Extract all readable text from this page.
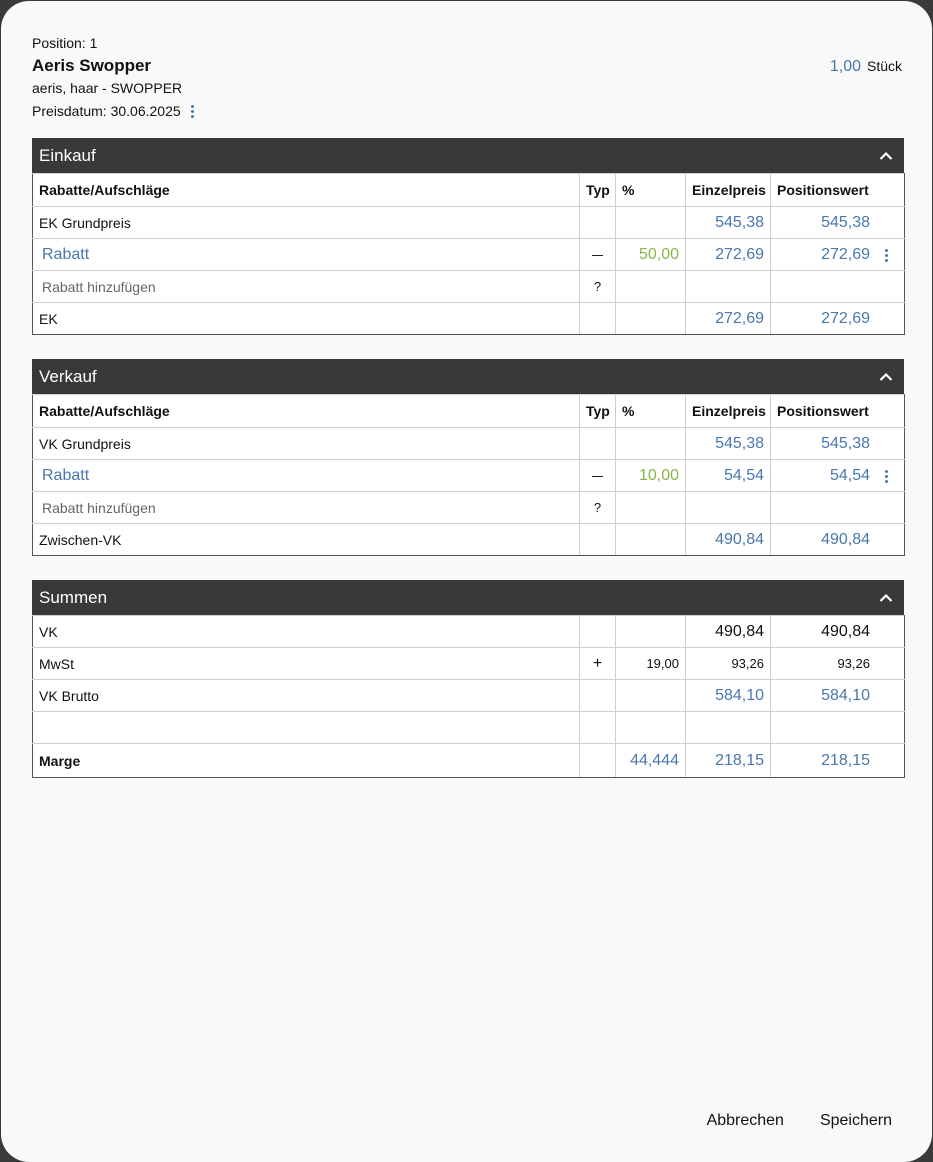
Position: 1
Aeris Swopper
aeris, haar - SWOPPER
Preisdatum: 30.06.2025
1,00 Stück
Einkauf
Rabatte/Aufschläge	Typ	%	Einzelpreis	Positionswert
EK Grundpreis			545,38	545,38
Rabatt		50,00	272,69	272,69

Rabatt hinzufügen	?			
EK			272,69	272,69
Verkauf
Rabatte/Aufschläge	Typ	%	Einzelpreis	Positionswert
VK Grundpreis			545,38	545,38
Rabatt		10,00	54,54	54,54

Rabatt hinzufügen	?			
Zwischen-VK			490,84	490,84
Summen
VK			490,84	490,84
MwSt	+	19,00	93,26	93,26
VK Brutto			584,10	584,10

Marge		44,444	218,15	218,15
Abbrechen Speichern
